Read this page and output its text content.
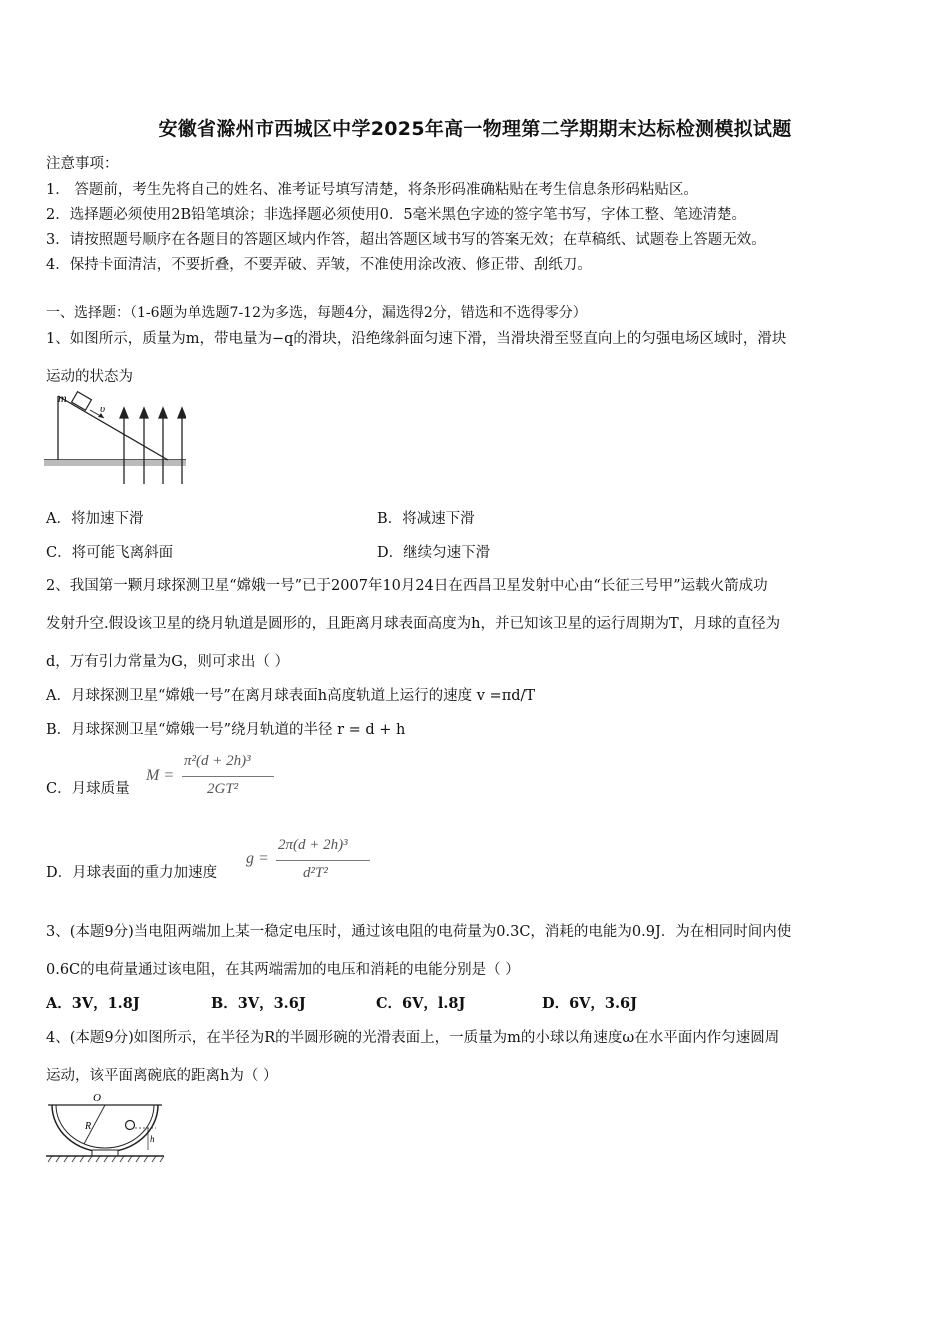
安徽省滁州市西城区中学2025年高一物理第二学期期末达标检测模拟试题
注意事项：
1． 答题前，考生先将自己的姓名、准考证号填写清楚，将条形码准确粘贴在考生信息条形码粘贴区。
2．选择题必须使用2B铅笔填涂；非选择题必须使用0．5毫米黑色字迹的签字笔书写，字体工整、笔迹清楚。
3．请按照题号顺序在各题目的答题区域内作答，超出答题区域书写的答案无效；在草稿纸、试题卷上答题无效。
4．保持卡面清洁，不要折叠，不要弄破、弄皱，不准使用涂改液、修正带、刮纸刀。
一、选择题：（1-6题为单选题7-12为多选，每题4分，漏选得2分，错选和不选得零分）
1、如图所示，质量为m，带电量为−q的滑块，沿绝缘斜面匀速下滑，当滑块滑至竖直向上的匀强电场区域时，滑块
运动的状态为
m
υ
A．将加速下滑	B．将减速下滑
C．将可能飞离斜面	D．继续匀速下滑
2、我国第一颗月球探测卫星“嫦娥一号”已于2007年10月24日在西昌卫星发射中心由“长征三号甲”运载火箭成功
发射升空.假设该卫星的绕月轨道是圆形的，且距离月球表面高度为h，并已知该卫星的运行周期为T，月球的直径为
d，万有引力常量为G，则可求出（ ）
A．月球探测卫星“嫦娥一号”在离月球表面h高度轨道上运行的速度 v =πd/T
B．月球探测卫星“嫦娥一号”绕月轨道的半径 r = d + h
C．月球质量
M =
π²(d + 2h)³
2GT²
D．月球表面的重力加速度
g =
2π(d + 2h)³
d²T²
3、(本题9分)当电阻两端加上某一稳定电压时，通过该电阻的电荷量为0.3C，消耗的电能为0.9J．为在相同时间内使
0.6C的电荷量通过该电阻，在其两端需加的电压和消耗的电能分别是（ ）
A．3V，1.8J	B．3V，3.6J	C．6V，l.8J	D．6V，3.6J
4、(本题9分)如图所示，在半径为R的半圆形碗的光滑表面上，一质量为m的小球以角速度ω在水平面内作匀速圆周
运动，该平面离碗底的距离h为（ ）
O
R
h
